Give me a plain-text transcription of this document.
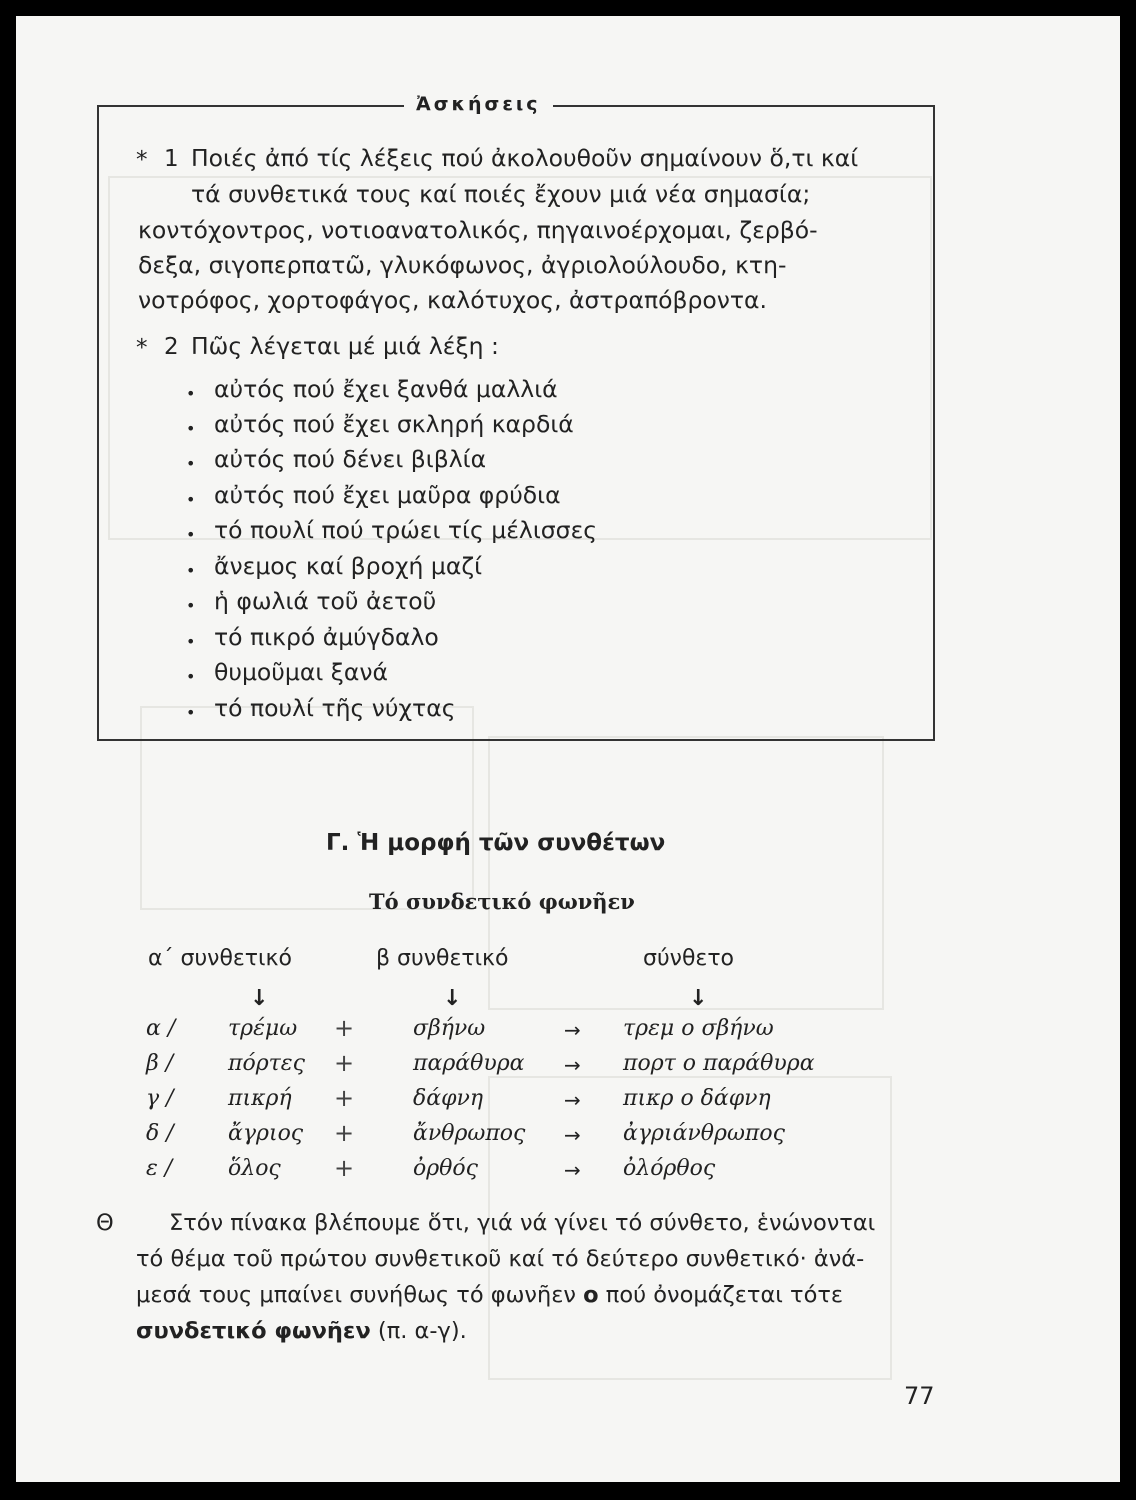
Ἀσκήσεις
* 1 Ποιές ἀπό τίς λέξεις πού ἀκολουθοῦν σημαίνουν ὅ,τι καί
τά συνθετικά τους καί ποιές ἔχουν μιά νέα σημασία;
κοντόχοντρος, νοτιοανατολικός, πηγαινοέρχομαι, ζερβό-
δεξα, σιγοπερπατῶ, γλυκόφωνος, ἀγριολούλουδο, κτη-
νοτρόφος, χορτοφάγος, καλότυχος, ἀστραπόβροντα.
* 2 Πῶς λέγεται μέ μιά λέξη :
• αὐτός πού ἔχει ξανθά μαλλιά
• αὐτός πού ἔχει σκληρή καρδιά
• αὐτός πού δένει βιβλία
• αὐτός πού ἔχει μαῦρα φρύδια
• τό πουλί πού τρώει τίς μέλισσες
• ἄνεμος καί βροχή μαζί
• ἡ φωλιά τοῦ ἀετοῦ
• τό πικρό ἀμύγδαλο
• θυμοῦμαι ξανά
• τό πουλί τῆς νύχτας
Γ. Ἡ μορφή τῶν συνθέτων
Τό συνδετικό φωνῆεν
α΄ συνθετικό	β συνθετικό	σύνθετο
↓	↓	↓
α / τρέμω +	σβήνω	→ τρεμ ο σβήνω
β / πόρτες +	παράθυρα → πορτ ο παράθυρα
γ / πικρή +	δάφνη	→ πικρ ο δάφνη
δ / ἄγριος +	ἄνθρωπος → ἀγριάνθρωπος
ε /	ὅλος +	ὀρθός	→ ὀλόρθος
Θ Στόν πίνακα βλέπουμε ὅτι, γιά νά γίνει τό σύνθετο, ἑνώνονται
τό θέμα τοῦ πρώτου συνθετικοῦ καί τό δεύτερο συνθετικό· ἀνά-
μεσά τους μπαίνει συνήθως τό φωνῆεν ο πού ὀνομάζεται τότε
συνδετικό φωνῆεν (π. α-γ).
77
